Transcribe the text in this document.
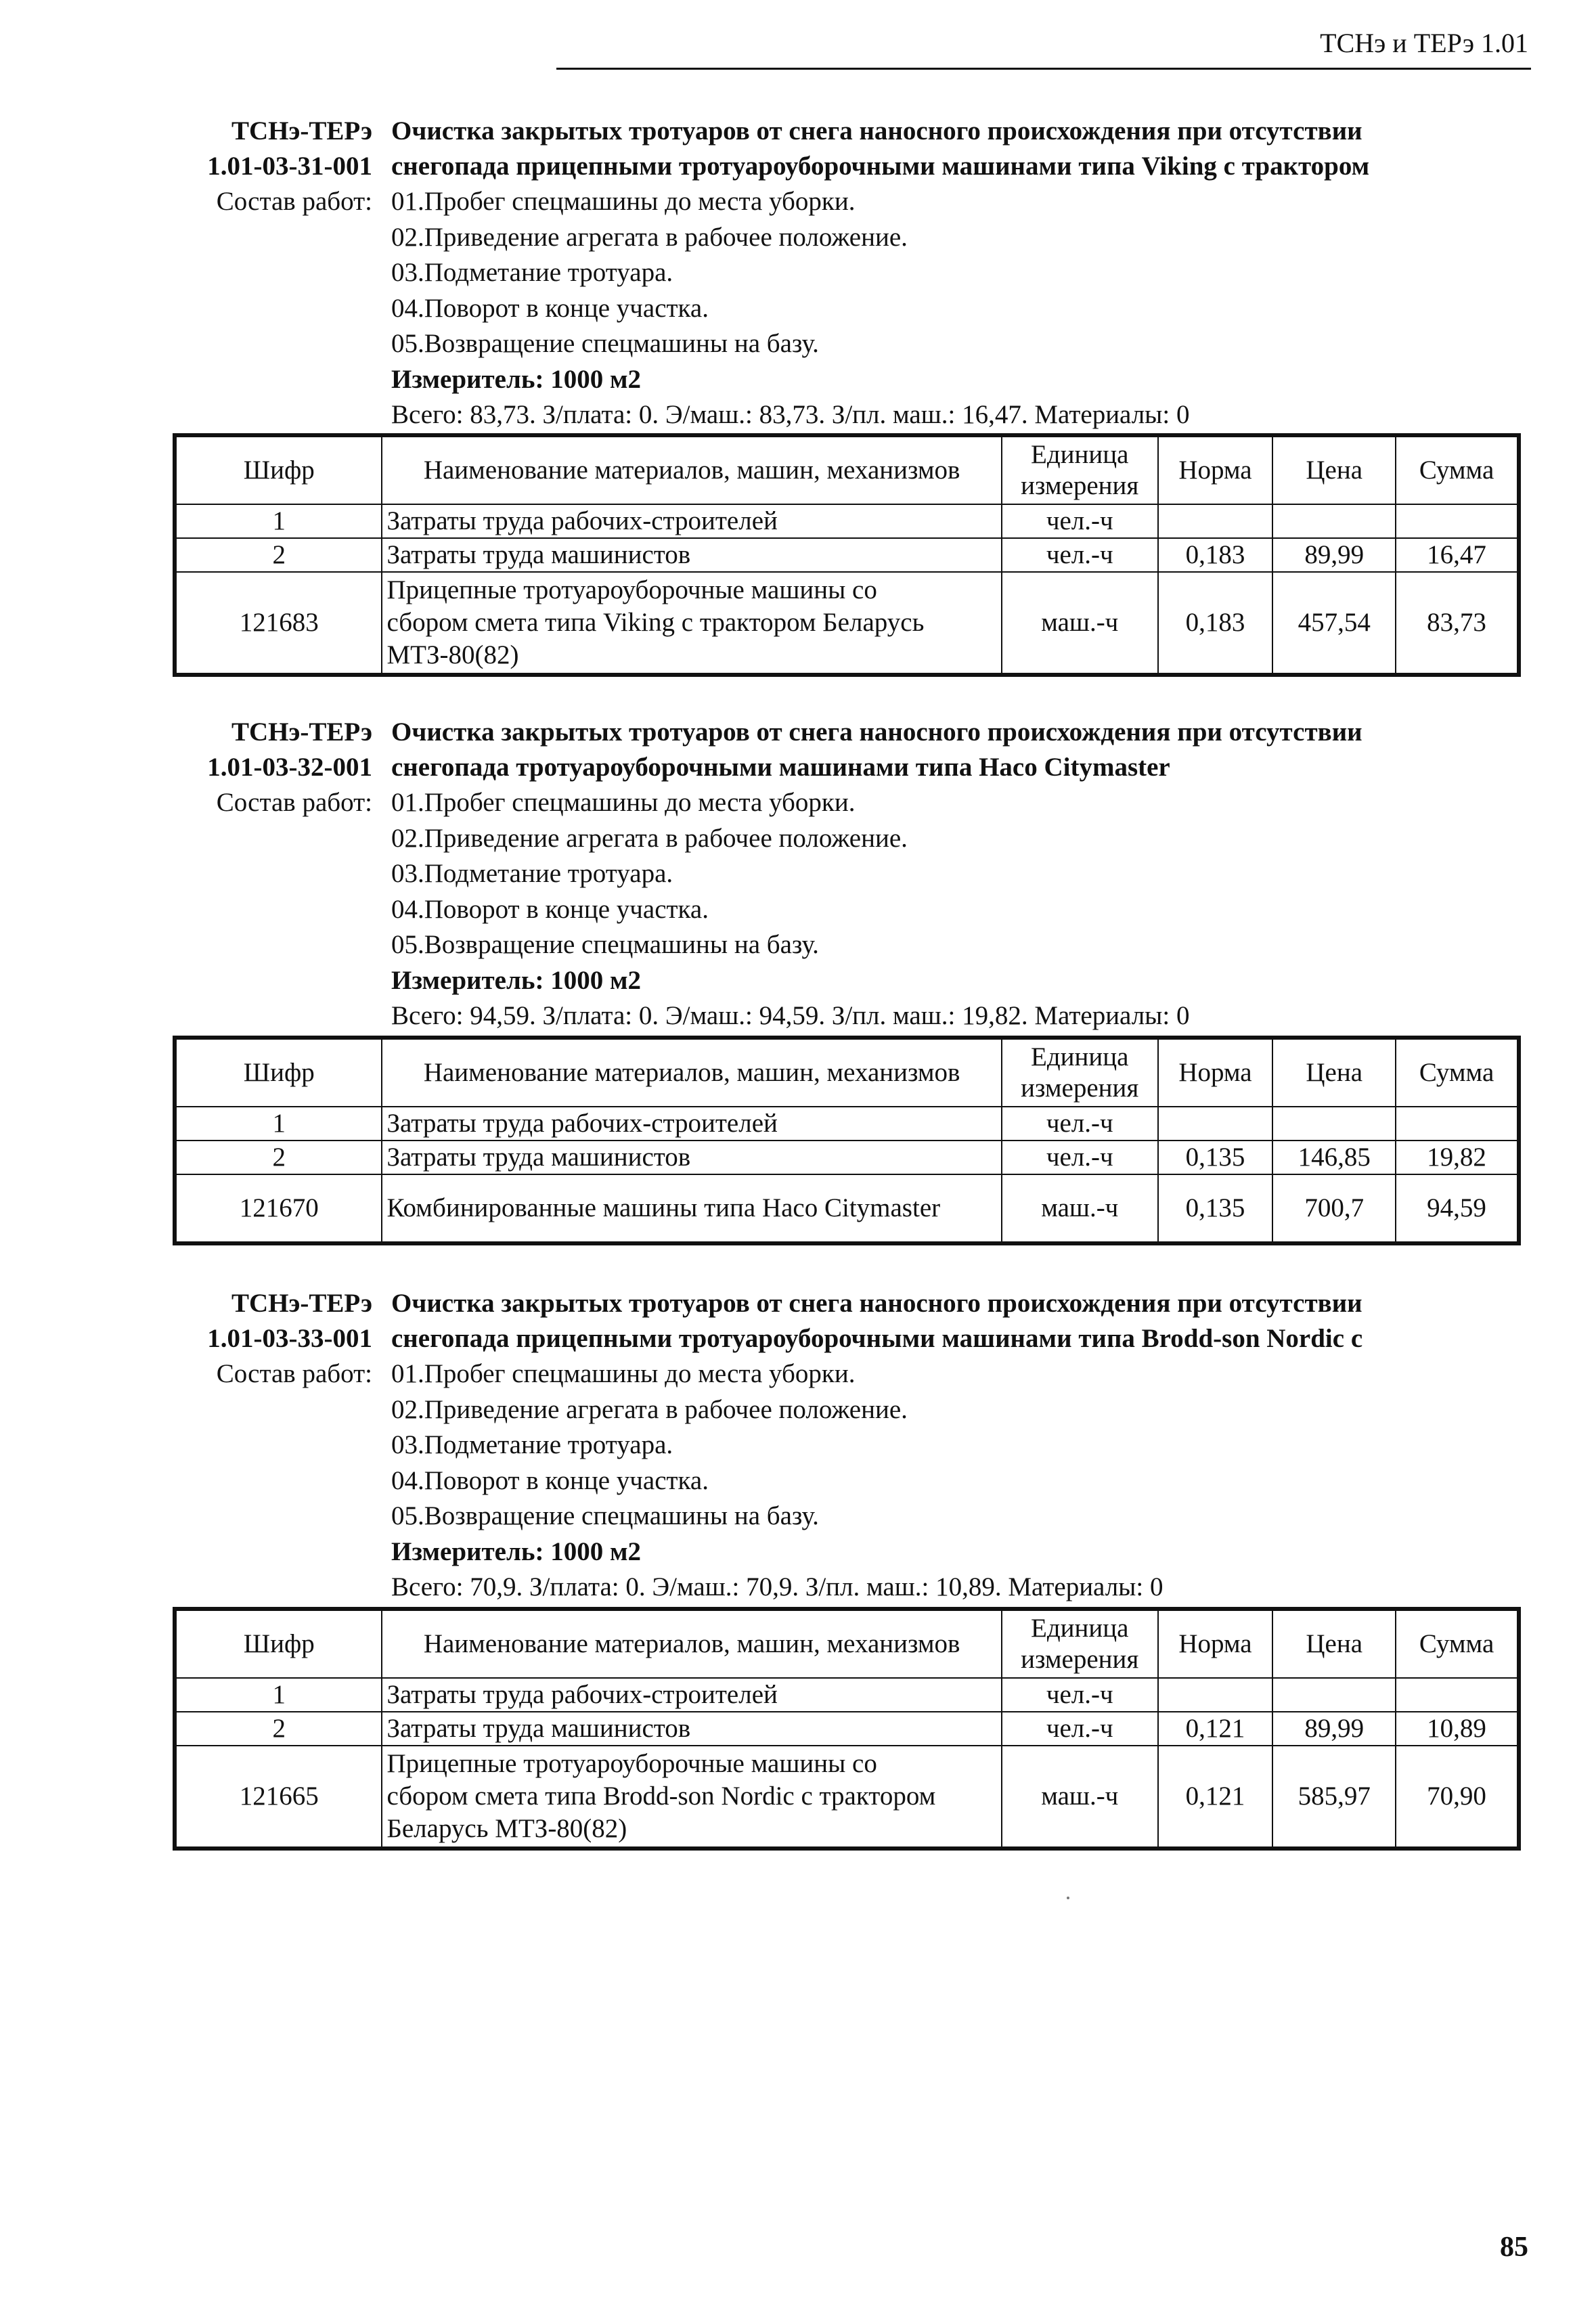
ТСНэ и ТЕРэ 1.01
ТСНэ-ТЕРэ
1.01-03-31-001
Очистка закрытых тротуаров от снега наносного происхождения при отсутствии
снегопада прицепными тротуароуборочными машинами типа Viking с трактором
Состав работ: 01.Пробег спецмашины до места уборки.
02.Приведение агрегата в рабочее положение.
03.Подметание тротуара.
04.Поворот в конце участка.
05.Возвращение спецмашины на базу.
Измеритель: 1000 м2
Всего: 83,73. З/плата: 0. Э/маш.: 83,73. З/пл. маш.: 16,47. Материалы: 0
Шифр	Наименование материалов, машин, механизмов	Единица
измерения	Норма	Цена	Сумма
1	Затраты труда рабочих-строителей	чел.-ч			
2	Затраты труда машинистов	чел.-ч	0,183	89,99	16,47
121683	Прицепные тротуароуборочные машины со
сбором смета типа Viking с трактором Беларусь
МТЗ-80(82)	маш.-ч	0,183	457,54	83,73
ТСНэ-ТЕРэ
1.01-03-32-001
Очистка закрытых тротуаров от снега наносного происхождения при отсутствии
снегопада тротуароуборочными машинами типа Haco Citymaster
Состав работ: 01.Пробег спецмашины до места уборки.
02.Приведение агрегата в рабочее положение.
03.Подметание тротуара.
04.Поворот в конце участка.
05.Возвращение спецмашины на базу.
Измеритель: 1000 м2
Всего: 94,59. З/плата: 0. Э/маш.: 94,59. З/пл. маш.: 19,82. Материалы: 0
Шифр	Наименование материалов, машин, механизмов	Единица
измерения	Норма	Цена	Сумма
1	Затраты труда рабочих-строителей	чел.-ч			
2	Затраты труда машинистов	чел.-ч	0,135	146,85	19,82
121670	Комбинированные машины типа Haco Citymaster	маш.-ч	0,135	700,7	94,59
ТСНэ-ТЕРэ
1.01-03-33-001
Очистка закрытых тротуаров от снега наносного происхождения при отсутствии
снегопада прицепными тротуароуборочными машинами типа Brodd-son Nordic с
Состав работ: 01.Пробег спецмашины до места уборки.
02.Приведение агрегата в рабочее положение.
03.Подметание тротуара.
04.Поворот в конце участка.
05.Возвращение спецмашины на базу.
Измеритель: 1000 м2
Всего: 70,9. З/плата: 0. Э/маш.: 70,9. З/пл. маш.: 10,89. Материалы: 0
Шифр	Наименование материалов, машин, механизмов	Единица
измерения	Норма	Цена	Сумма
1	Затраты труда рабочих-строителей	чел.-ч			
2	Затраты труда машинистов	чел.-ч	0,121	89,99	10,89
121665	Прицепные тротуароуборочные машины со
сбором смета типа Brodd-son Nordic с трактором
Беларусь МТЗ-80(82)	маш.-ч	0,121	585,97	70,90
85
